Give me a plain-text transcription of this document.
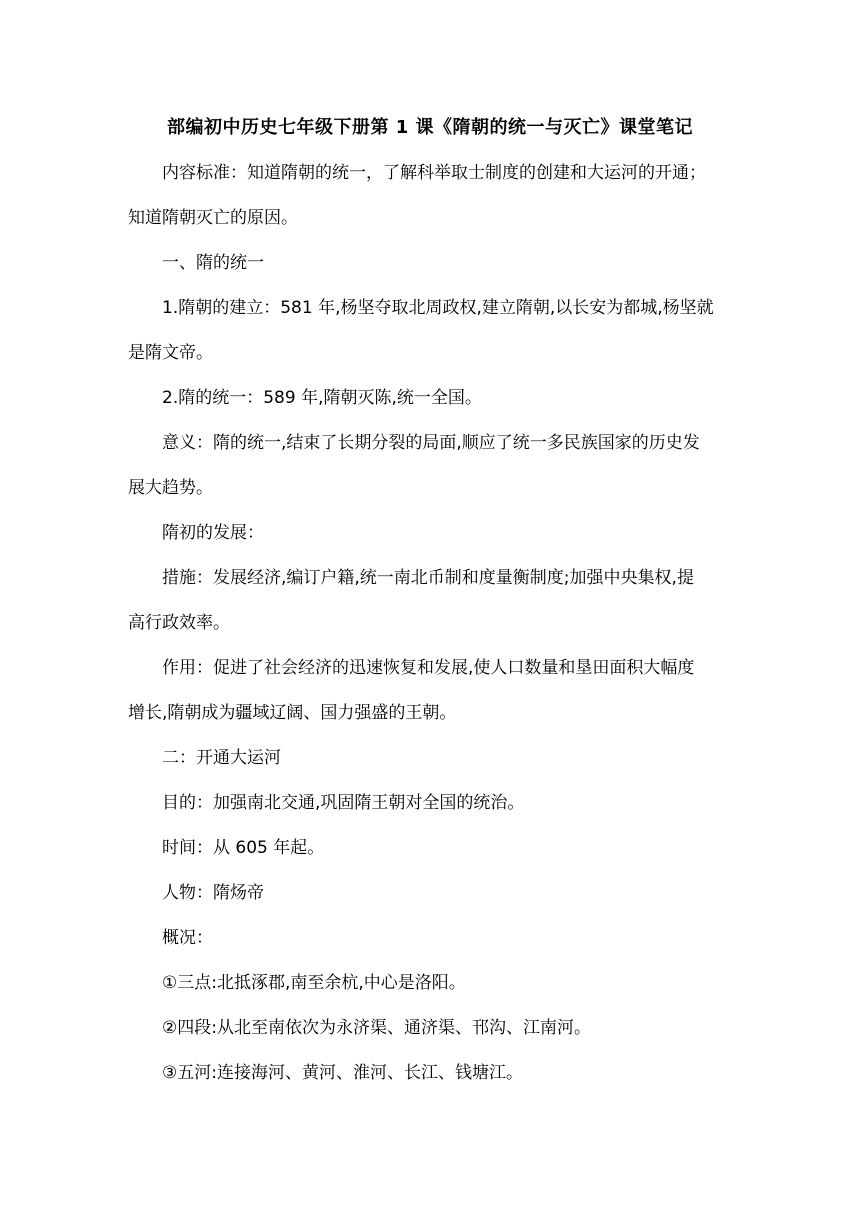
部编初中历史七年级下册第 1 课《隋朝的统一与灭亡》课堂笔记
内容标准：知道隋朝的统一，了解科举取士制度的创建和大运河的开通；
知道隋朝灭亡的原因。
一、隋的统一
1.隋朝的建立：581 年,杨坚夺取北周政权,建立隋朝,以长安为都城,杨坚就
是隋文帝。
2.隋的统一：589 年,隋朝灭陈,统一全国。
意义：隋的统一,结束了长期分裂的局面,顺应了统一多民族国家的历史发
展大趋势。
隋初的发展：
措施：发展经济,编订户籍,统一南北币制和度量衡制度;加强中央集权,提
高行政效率。
作用：促进了社会经济的迅速恢复和发展,使人口数量和垦田面积大幅度
增长,隋朝成为疆域辽阔、国力强盛的王朝。
二：开通大运河
目的：加强南北交通,巩固隋王朝对全国的统治。
时间：从 605 年起。
人物：隋炀帝
概况：
①三点:北抵涿郡,南至余杭,中心是洛阳。
②四段:从北至南依次为永济渠、通济渠、邗沟、江南河。
③五河:连接海河、黄河、淮河、长江、钱塘江。
